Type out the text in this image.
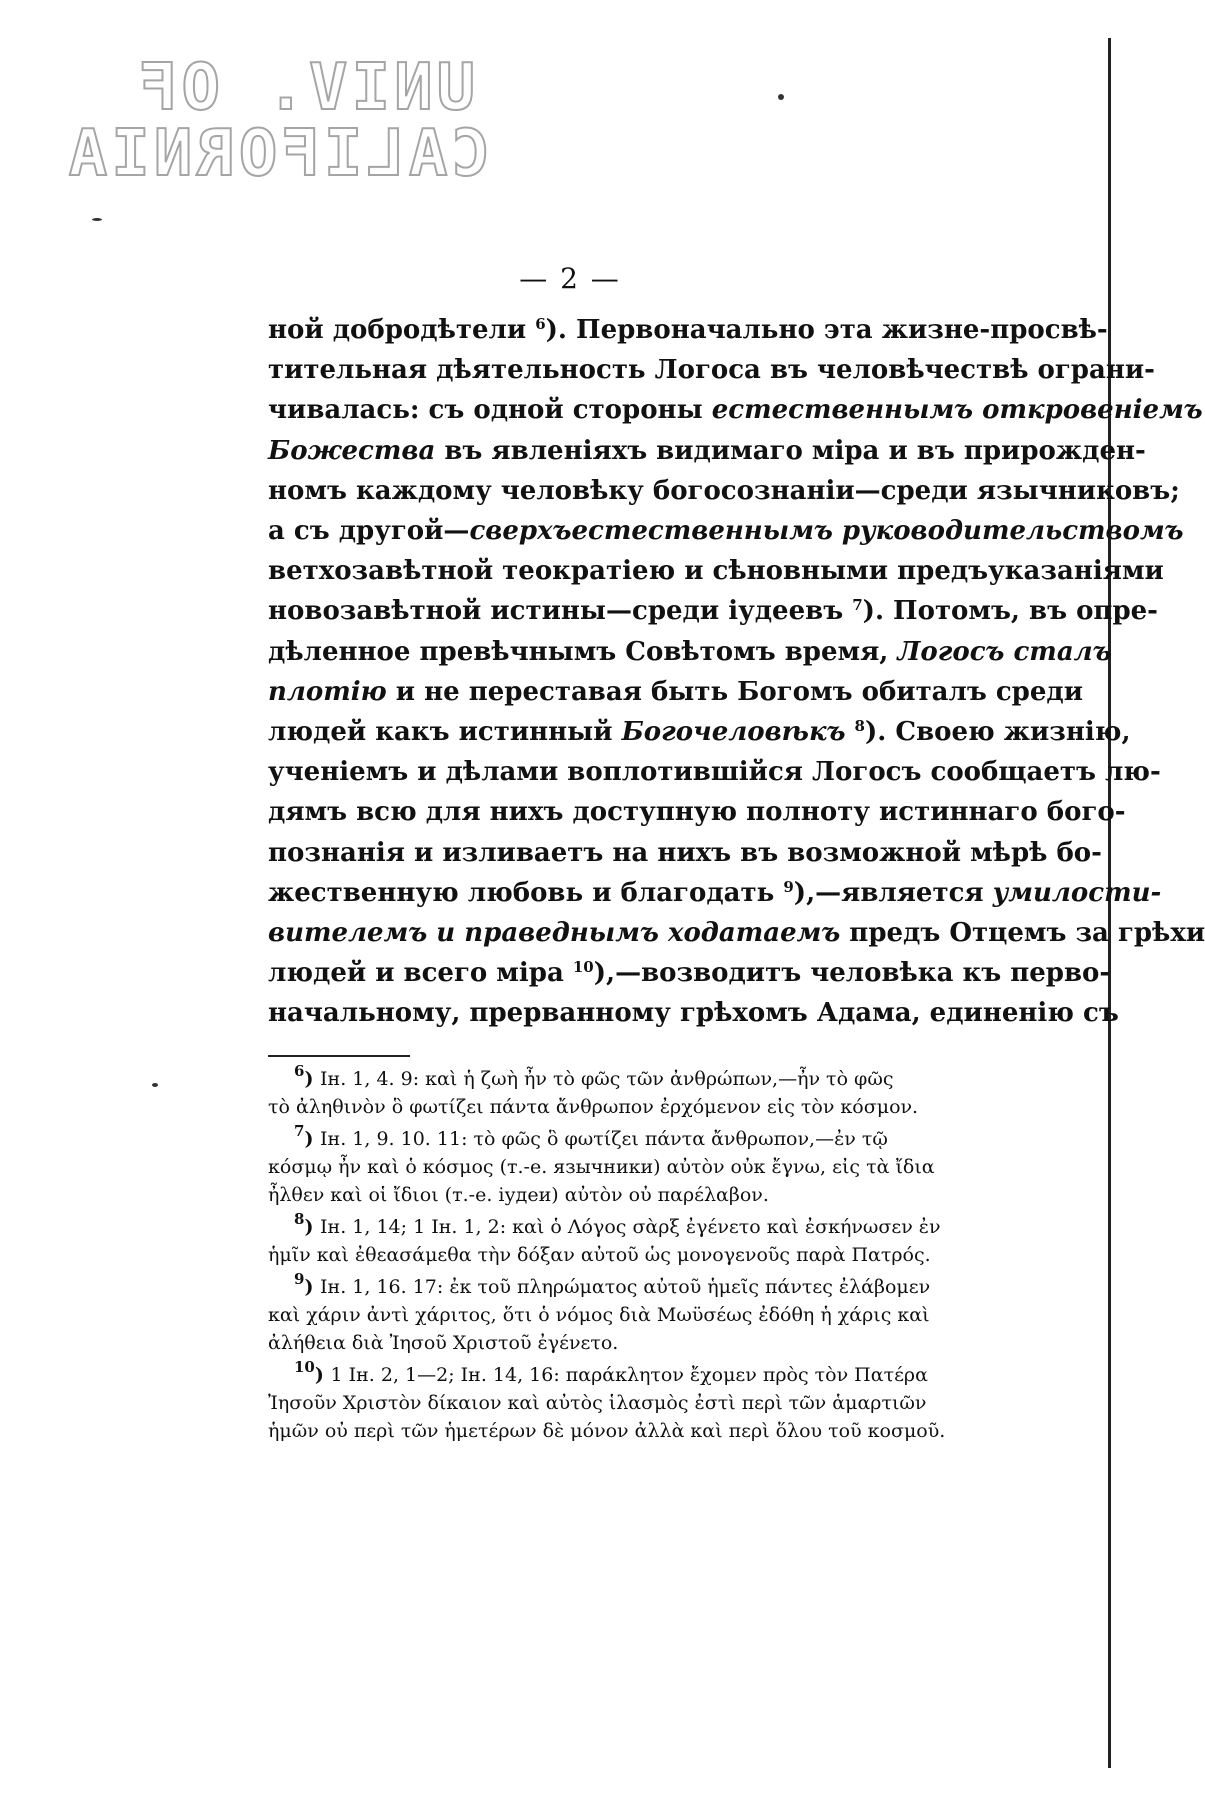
UNIV. OF
CALIFORNIA
— 2 —
ной добродѣтели $^6$). Первоначально эта жизне-просвѣ-
тительная дѣятельность Логоса въ человѣчествѣ ограни-
чивалась: съ одной стороны естественнымъ откровеніемъ
Божества въ явленіяхъ видимаго міра и въ прирожден-
номъ каждому человѣку богосознаніи—среди язычниковъ;
а съ другой—сверхъестественнымъ руководительствомъ
ветхозавѣтной теократіею и сѣновными предъуказаніями
новозавѣтной истины—среди іудеевъ $^7$). Потомъ, въ опре-
дѣленное превѣчнымъ Совѣтомъ время, Логосъ сталъ
плотію и не переставая быть Богомъ обиталъ среди
людей какъ истинный Богочеловѣкъ $^8$). Своею жизнію,
ученіемъ и дѣлами воплотившійся Логосъ сообщаетъ лю-
дямъ всю для нихъ доступную полноту истиннаго бого-
познанія и изливаетъ на нихъ въ возможной мѣрѣ бо-
жественную любовь и благодать $^9$),—является умилости-
вителемъ и праведнымъ ходатаемъ предъ Отцемъ за грѣхи
людей и всего міра $^{10}$),—возводитъ человѣка къ перво-
начальному, прерванному грѣхомъ Адама, единенію съ
$^6$) Ін. 1, 4. 9: καὶ ἡ ζωὴ ἦν τὸ φῶς τῶν ἀνθρώπων,—ἦν τὸ φῶς
τὸ ἀληθινὸν ὃ φωτίζει πάντα ἄνθρωπον ἐρχόμενον εἰς τὸν κόσμον.
$^7$) Ін. 1, 9. 10. 11: τὸ φῶς ὃ φωτίζει πάντα ἄνθρωπον,—ἐν τῷ
κόσμῳ ἦν καὶ ὁ κόσμος (т.-е. язычники) αὐτὸν οὐκ ἔγνω, εἰς τὰ ἴδια
ἦλθεν καὶ οἱ ἴδιοι (т.-е. іудеи) αὐτὸν οὐ παρέλαβον.
$^8$) Ін. 1, 14; 1 Ін. 1, 2: καὶ ὁ Λόγος σὰρξ ἐγένετο καὶ ἐσκήνωσεν ἐν
ἡμῖν καὶ ἐθεασάμεθα τὴν δόξαν αὐτοῦ ὡς μονογενοῦς παρὰ Πατρός.
$^9$) Ін. 1, 16. 17: ἐκ τοῦ πληρώματος αὐτοῦ ἡμεῖς πάντες ἐλάβομεν
καὶ χάριν ἀντὶ χάριτος, ὅτι ὁ νόμος διὰ Μωϋσέως ἐδόθη ἡ χάρις καὶ
ἀλήθεια διὰ Ἰησοῦ Χριστοῦ ἐγένετο.
$^{10}$) 1 Ін. 2, 1—2; Ін. 14, 16: παράκλητον ἔχομεν πρὸς τὸν Πατέρα
Ἰησοῦν Χριστὸν δίκαιον καὶ αὐτὸς ἱλασμὸς ἐστὶ περὶ τῶν ἁμαρτιῶν
ἡμῶν οὐ περὶ τῶν ἡμετέρων δὲ μόνον ἀλλὰ καὶ περὶ ὅλου τοῦ κοσμοῦ.
